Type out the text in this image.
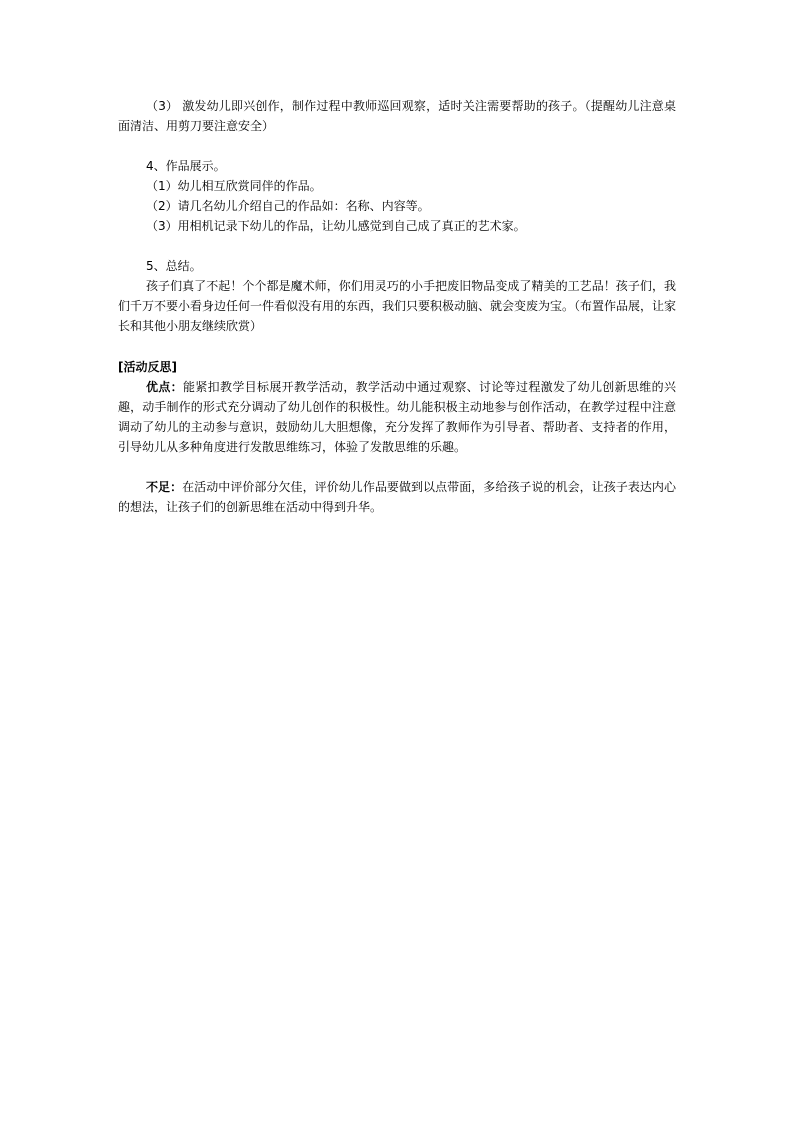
（3） 激发幼儿即兴创作，制作过程中教师巡回观察，适时关注需要帮助的孩子。（提醒幼儿注意桌面清洁、用剪刀要注意安全）

4、作品展示。

（1）幼儿相互欣赏同伴的作品。

（2）请几名幼儿介绍自己的作品如：名称、内容等。

（3）用相机记录下幼儿的作品，让幼儿感觉到自己成了真正的艺术家。

5、总结。

孩子们真了不起！个个都是魔术师，你们用灵巧的小手把废旧物品变成了精美的工艺品！孩子们，我们千万不要小看身边任何一件看似没有用的东西，我们只要积极动脑、就会变废为宝。（布置作品展，让家长和其他小朋友继续欣赏）

[活动反思]

优点：能紧扣教学目标展开教学活动，教学活动中通过观察、讨论等过程激发了幼儿创新思维的兴趣，动手制作的形式充分调动了幼儿创作的积极性。幼儿能积极主动地参与创作活动，在教学过程中注意调动了幼儿的主动参与意识，鼓励幼儿大胆想像，充分发挥了教师作为引导者、帮助者、支持者的作用，引导幼儿从多种角度进行发散思维练习，体验了发散思维的乐趣。

不足：在活动中评价部分欠佳，评价幼儿作品要做到以点带面，多给孩子说的机会，让孩子表达内心的想法，让孩子们的创新思维在活动中得到升华。
